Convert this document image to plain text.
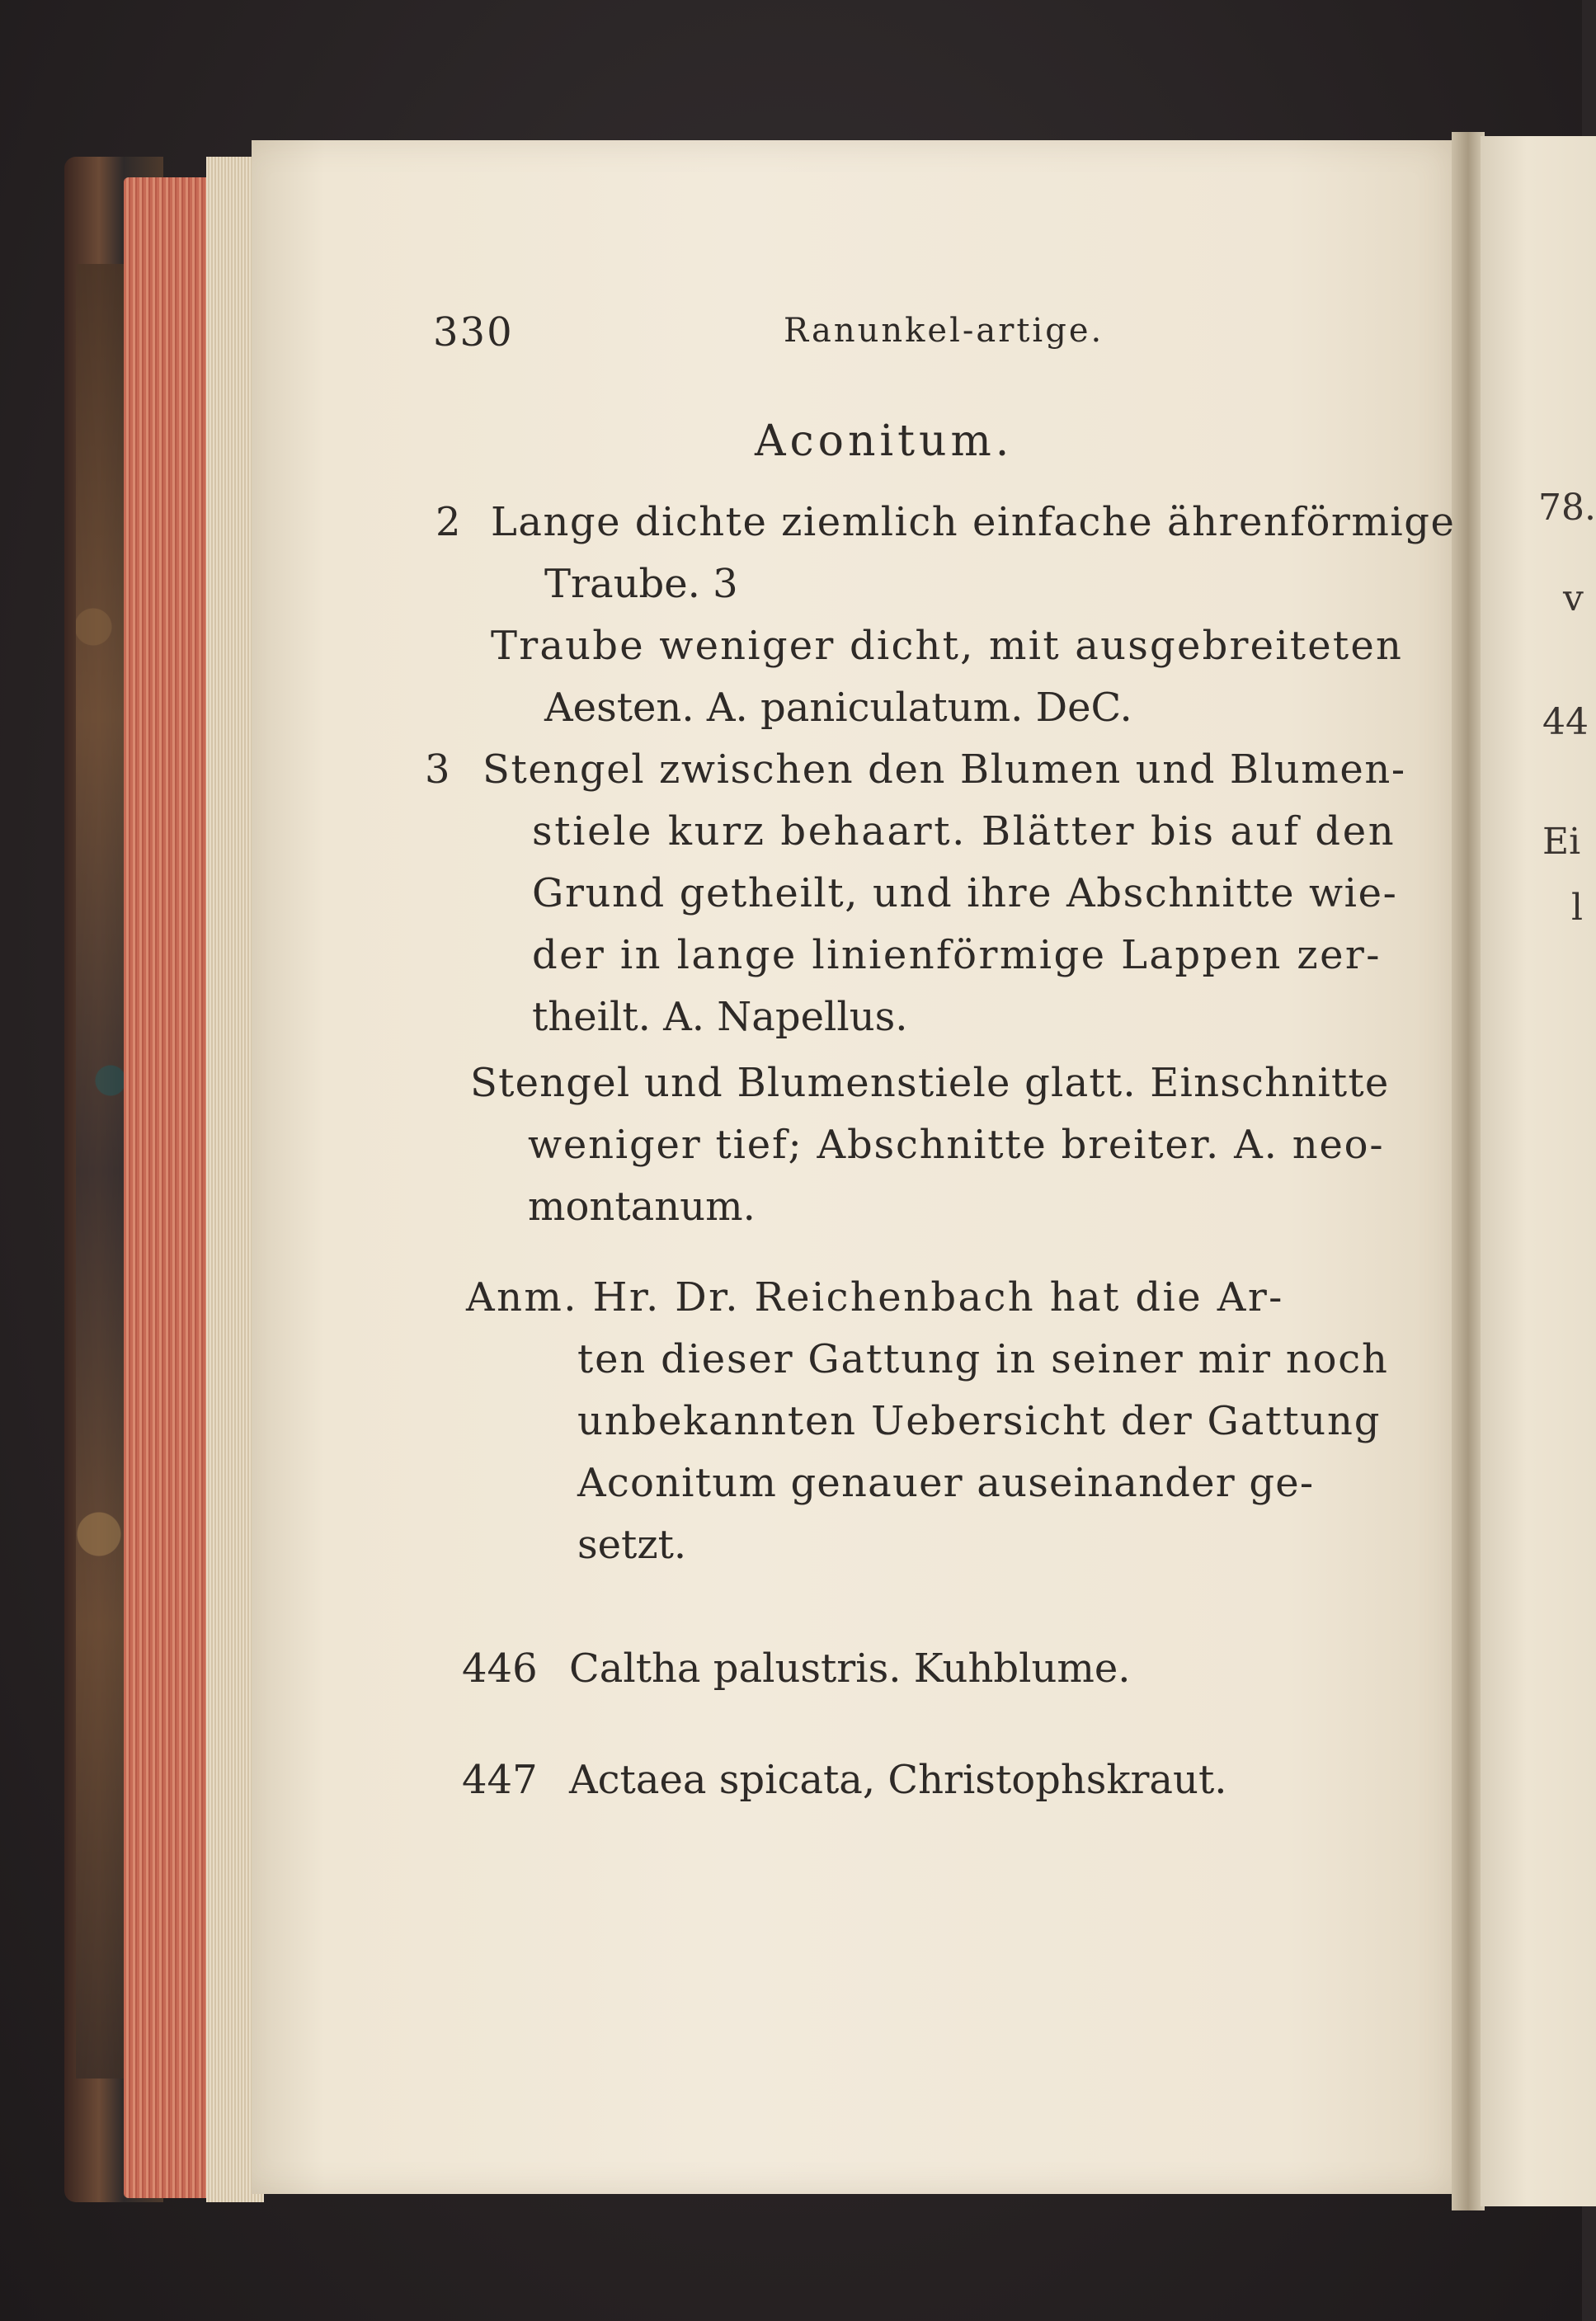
78.
v
44
Ei
l
330	Ranunkel-artige.
Aconitum.
2 Lange dichte ziemlich einfache ährenförmige
Traube. 3
Traube weniger dicht, mit ausgebreiteten
Aesten. A. paniculatum. DeC.
3 Stengel zwischen den Blumen und Blumen-
stiele kurz behaart. Blätter bis auf den
Grund getheilt, und ihre Abschnitte wie-
der in lange linienförmige Lappen zer-
theilt. A. Napellus.
Stengel und Blumenstiele glatt. Einschnitte
weniger tief; Abschnitte breiter. A. neo-
montanum.
Anm. Hr. Dr. Reichenbach hat die Ar-
ten dieser Gattung in seiner mir noch
unbekannten Uebersicht der Gattung
Aconitum genauer auseinander ge-
setzt.
446 Caltha palustris. Kuhblume.
447 Actaea spicata, Christophskraut.
